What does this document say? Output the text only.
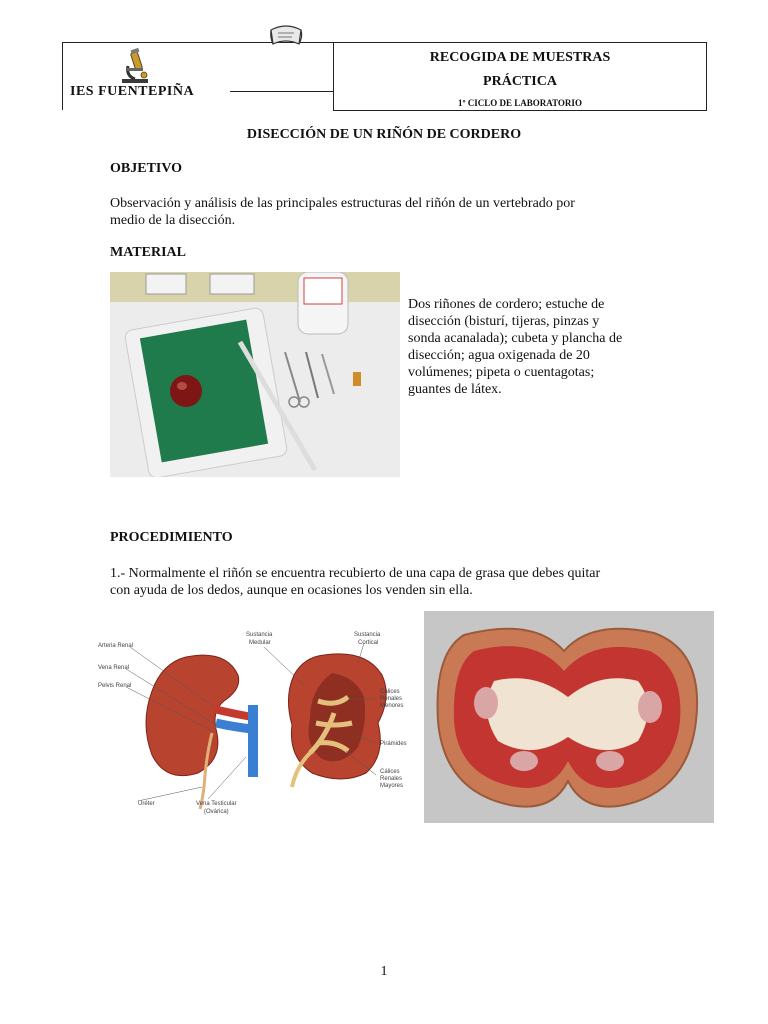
IES FUENTEPIÑA
RECOGIDA DE MUESTRAS
PRÁCTICA
1º CICLO DE LABORATORIO
DISECCIÓN DE UN RIÑÓN DE CORDERO
OBJETIVO
Observación y análisis de las principales estructuras del riñón de un vertebrado por
medio de la disección.
MATERIAL
Dos riñones de cordero; estuche de
disección (bisturí, tijeras, pinzas y
sonda acanalada); cubeta y plancha de
disección; agua oxigenada de 20
volúmenes; pipeta o cuentagotas;
guantes de látex.
PROCEDIMIENTO
1.- Normalmente el riñón se encuentra recubierto de una capa de grasa que debes quitar
con ayuda de los dedos, aunque en ocasiones los venden sin ella.
Arteria Renal
Vena Renal
Pelvis Renal
Uréter	Vena Testicular
(Ovárica)
Sustancia
Medular
Sustancia
Cortical
Cálices
Renales
Menores
Pirámides
Cálices
Renales
Mayores
1
